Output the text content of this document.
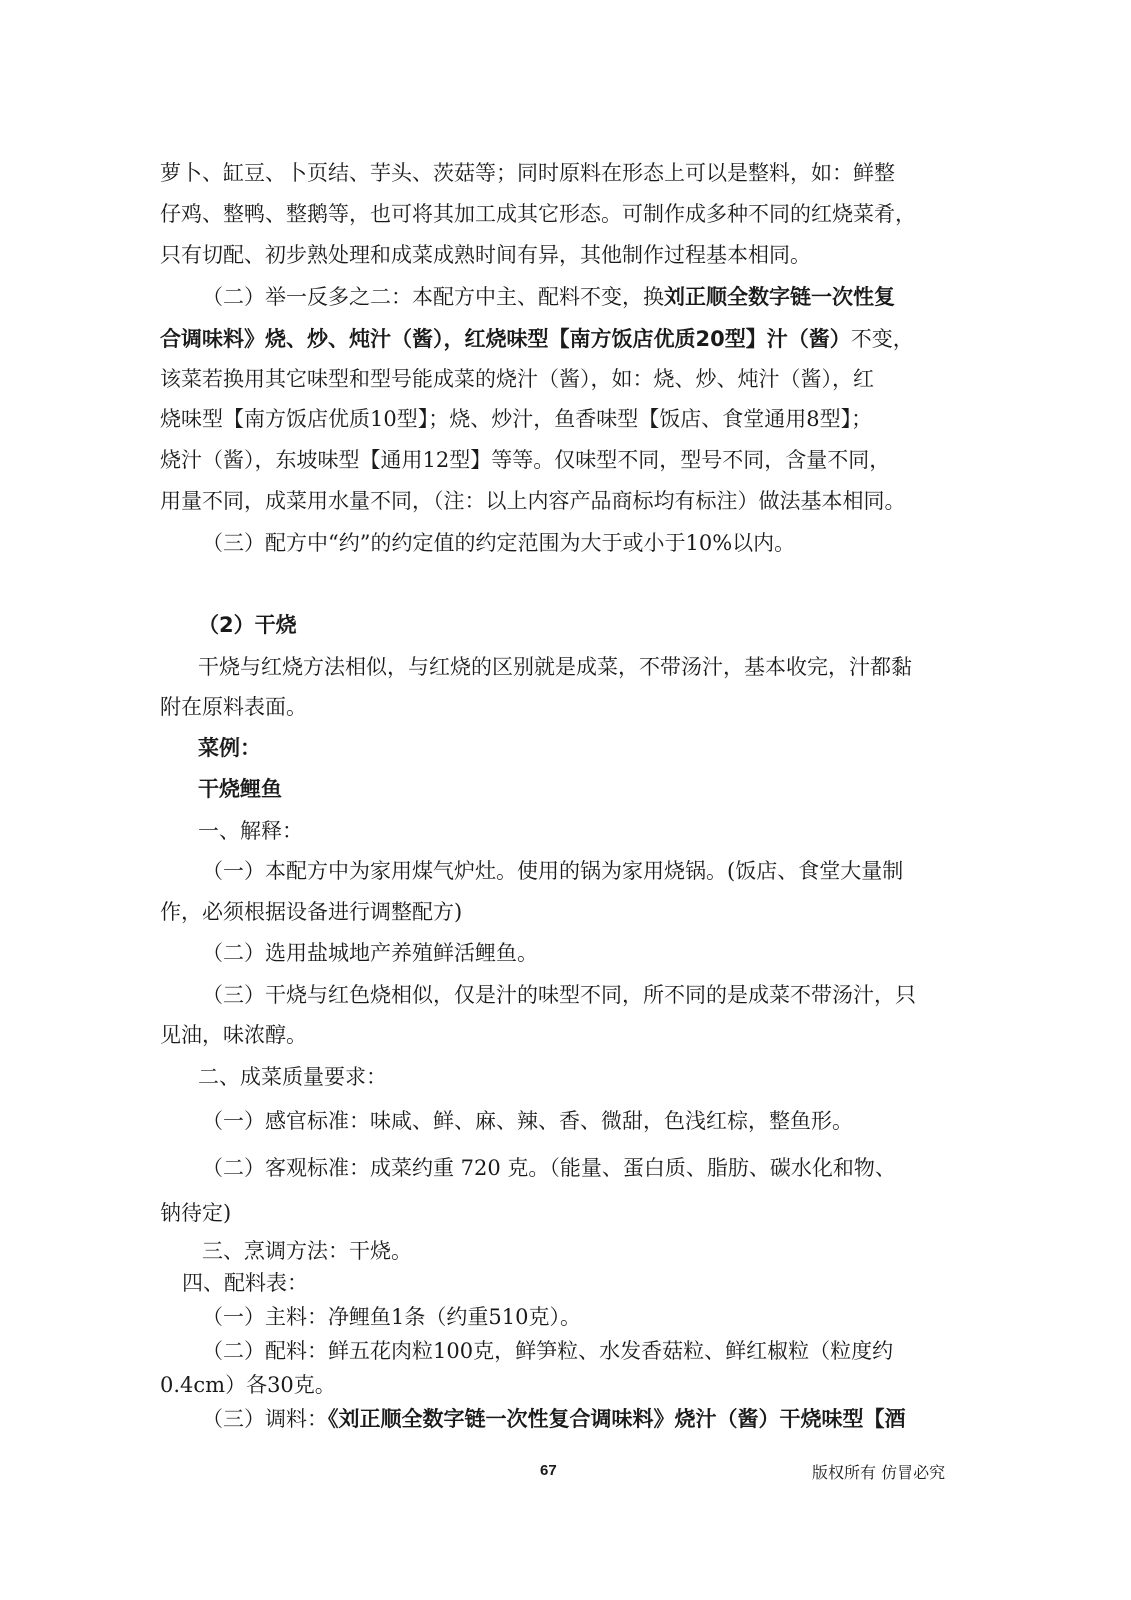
萝卜、缸豆、卜页结、芋头、茨菇等；同时原料在形态上可以是整料，如：鲜整
仔鸡、整鸭、整鹅等，也可将其加工成其它形态。可制作成多种不同的红烧菜肴，
只有切配、初步熟处理和成菜成熟时间有异，其他制作过程基本相同。
（二）举一反多之二：本配方中主、配料不变，换刘正顺全数字链一次性复
合调味料》烧、炒、炖汁（酱），红烧味型【南方饭店优质20型】汁（酱）不变，
该菜若换用其它味型和型号能成菜的烧汁（酱），如：烧、炒、炖汁（酱），红
烧味型【南方饭店优质10型】；烧、炒汁，鱼香味型【饭店、食堂通用8型】；
烧汁（酱），东坡味型【通用12型】等等。仅味型不同，型号不同，含量不同，
用量不同，成菜用水量不同，（注：以上内容产品商标均有标注）做法基本相同。
（三）配方中“约”的约定值的约定范围为大于或小于10%以内。
（2）干烧
干烧与红烧方法相似，与红烧的区别就是成菜，不带汤汁，基本收完，汁都黏
附在原料表面。
菜例：
干烧鲤鱼
一、解释：
（一）本配方中为家用煤气炉灶。使用的锅为家用烧锅。(饭店、食堂大量制
作，必须根据设备进行调整配方)
（二）选用盐城地产养殖鲜活鲤鱼。
（三）干烧与红色烧相似，仅是汁的味型不同，所不同的是成菜不带汤汁，只
见油，味浓醇。
二、成菜质量要求：
（一）感官标准：味咸、鲜、麻、辣、香、微甜，色浅红棕，整鱼形。
（二）客观标准：成菜约重 720 克。（能量、蛋白质、脂肪、碳水化和物、
钠待定)
三、烹调方法：干烧。
四、配料表：
（一）主料：净鲤鱼1条（约重510克）。
（二）配料：鲜五花肉粒100克，鲜笋粒、水发香菇粒、鲜红椒粒（粒度约
0.4cm）各30克。
（三）调料：《刘正顺全数字链一次性复合调味料》烧汁（酱）干烧味型【酒
67	版权所有 仿冒必究
